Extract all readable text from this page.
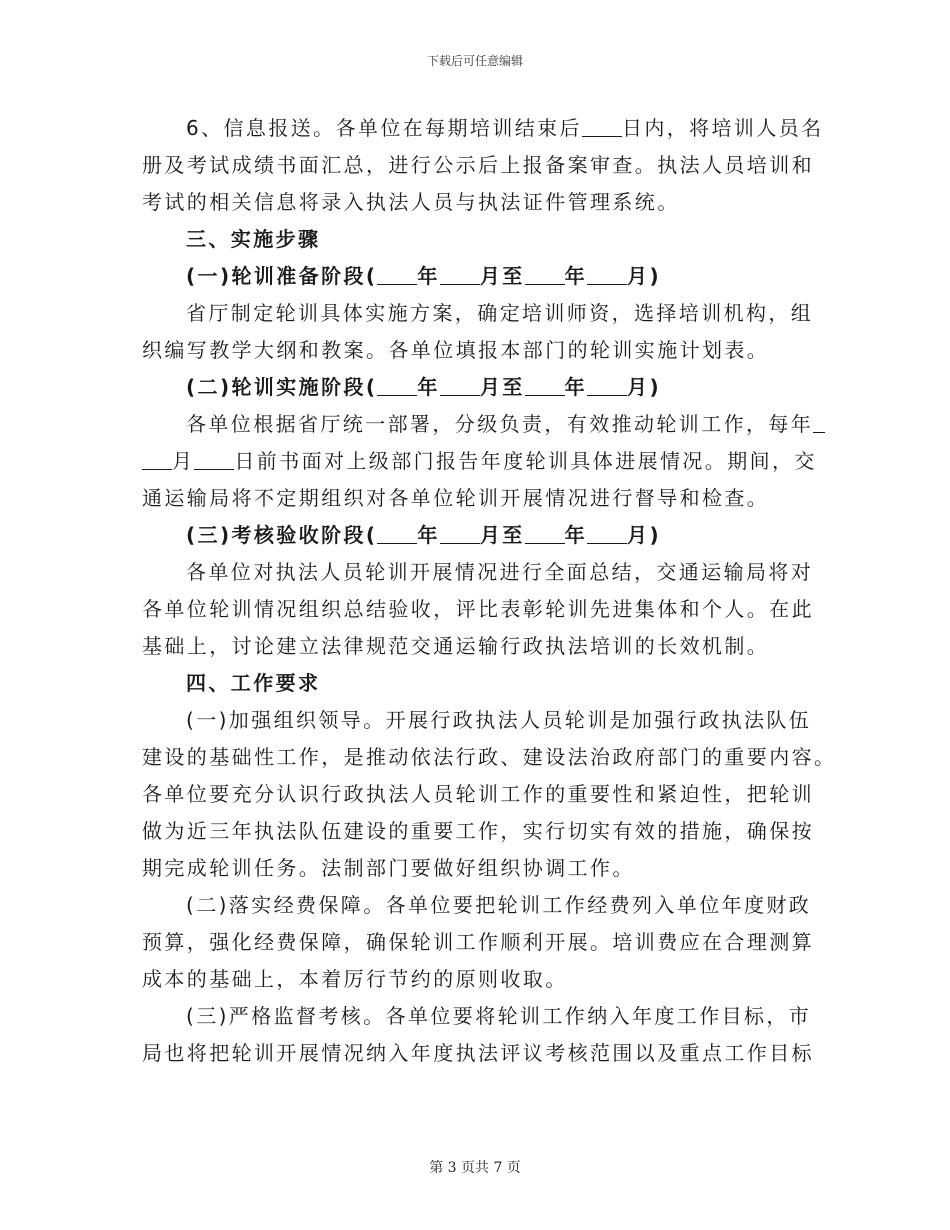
下载后可任意编辑
6、信息报送。各单位在每期培训结束后 日内，将培训人员名
册及考试成绩书面汇总，进行公示后上报备案审查。执法人员培训和
考试的相关信息将录入执法人员与执法证件管理系统。
三、实施步骤
(一)轮训准备阶段( 年 月至 年 月)
省厅制定轮训具体实施方案，确定培训师资，选择培训机构，组
织编写教学大纲和教案。各单位填报本部门的轮训实施计划表。
(二)轮训实施阶段( 年 月至 年 月)
各单位根据省厅统一部署，分级负责，有效推动轮训工作，每年
月 日前书面对上级部门报告年度轮训具体进展情况。期间，交
通运输局将不定期组织对各单位轮训开展情况进行督导和检查。
(三)考核验收阶段( 年 月至 年 月)
各单位对执法人员轮训开展情况进行全面总结，交通运输局将对
各单位轮训情况组织总结验收，评比表彰轮训先进集体和个人。在此
基础上，讨论建立法律规范交通运输行政执法培训的长效机制。
四、工作要求
(一)加强组织领导。开展行政执法人员轮训是加强行政执法队伍
建设的基础性工作，是推动依法行政、建设法治政府部门的重要内容。
各单位要充分认识行政执法人员轮训工作的重要性和紧迫性，把轮训
做为近三年执法队伍建设的重要工作，实行切实有效的措施，确保按
期完成轮训任务。法制部门要做好组织协调工作。
(二)落实经费保障。各单位要把轮训工作经费列入单位年度财政
预算，强化经费保障，确保轮训工作顺利开展。培训费应在合理测算
成本的基础上，本着厉行节约的原则收取。
(三)严格监督考核。各单位要将轮训工作纳入年度工作目标，市
局也将把轮训开展情况纳入年度执法评议考核范围以及重点工作目标
第 3 页共 7 页
